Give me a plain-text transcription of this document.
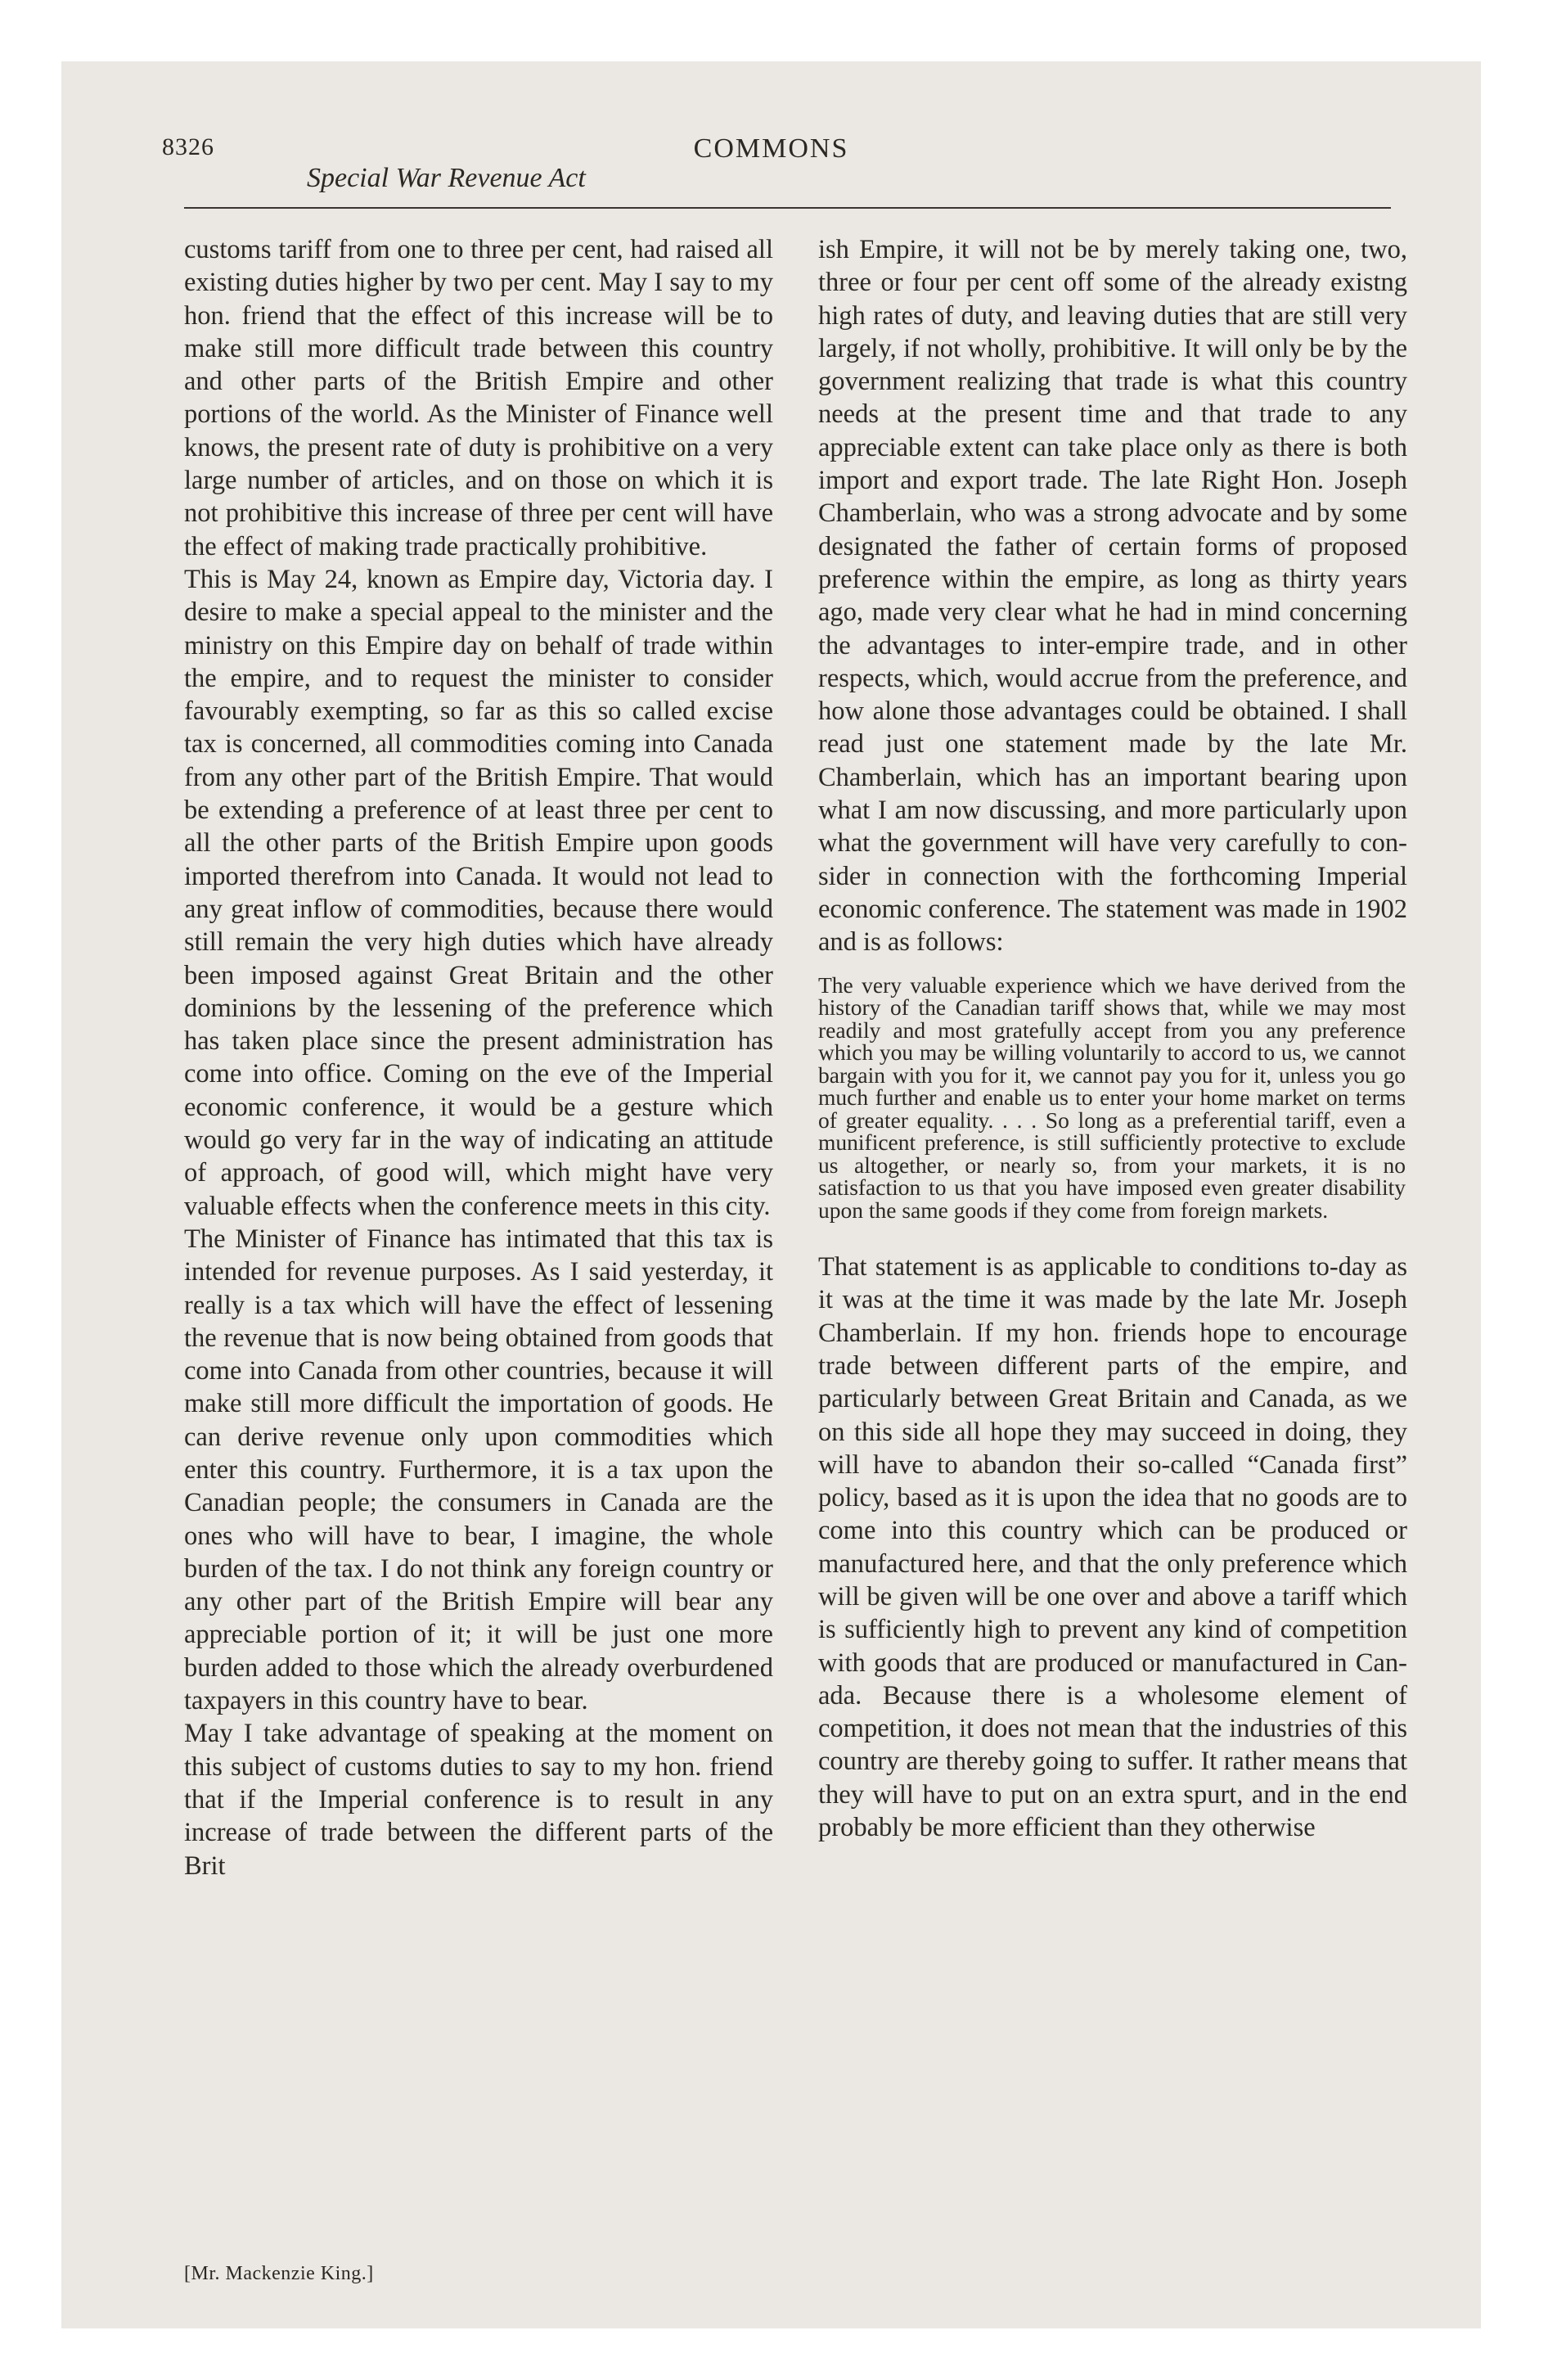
8326	COMMONS
Special War Revenue Act

customs tariff from one to three per cent, had raised all existing duties higher by two per cent. May I say to my hon. friend that the effect of this increase will be to make still more difficult trade between this country and other parts of the British Empire and other portions of the world. As the Minister of Finance well knows, the present rate of duty is prohibitive on a very large number of articles, and on those on which it is not prohibitive this increase of three per cent will have the effect of making trade practically prohibitive.

This is May 24, known as Empire day, Victoria day. I desire to make a special appeal to the minister and the ministry on this Empire day on behalf of trade within the empire, and to request the minister to consider favourably exempting, so far as this so called excise tax is concerned, all commodities coming into Canada from any other part of the British Empire. That would be extending a preference of at least three per cent to all the other parts of the British Empire upon goods imported therefrom into Canada. It would not lead to any great inflow of commodities, because there would still remain the very high duties which have already been imposed against Great Britain and the other dominions by the lessening of the preference which has taken place since the present administration has come into office. Coming on the eve of the Imperial economic conference, it would be a gesture which would go very far in the way of indicating an attitude of approach, of good will, which might have very valuable effects when the conference meets in this city.

The Minister of Finance has intimated that this tax is intended for revenue purposes. As I said yesterday, it really is a tax which will have the effect of lessening the revenue that is now being obtained from goods that come into Canada from other countries, because it will make still more difficult the importation of goods. He can derive revenue only upon commodities which enter this country. Furthermore, it is a tax upon the Canadian people; the consumers in Canada are the ones who will have to bear, I imagine, the whole burden of the tax. I do not think any foreign country or any other part of the British Empire will bear any appreciable portion of it; it will be just one more burden added to those which the already overburdened taxpayers in this country have to bear.

May I take advantage of speaking at the moment on this subject of customs duties to say to my hon. friend that if the Imperial conference is to result in any increase of trade between the different parts of the Brit

ish Empire, it will not be by merely taking one, two, three or four per cent off some of the already existng high rates of duty, and leaving duties that are still very largely, if not wholly, prohibitive. It will only be by the government realizing that trade is what this country needs at the present time and that trade to any appreciable extent can take place only as there is both import and export trade. The late Right Hon. Joseph Chamberlain, who was a strong advocate and by some designated the father of certain forms of proposed preference within the empire, as long as thirty years ago, made very clear what he had in mind concerning the advantages to inter-empire trade, and in other respects, which, would accrue from the preference, and how alone those advantages could be obtained. I shall read just one statement made by the late Mr. Chamberlain, which has an important bearing upon what I am now discussing, and more particularly upon what the government will have very carefully to consider in connection with the forthcoming Imperial economic conference. The statement was made in 1902 and is as follows:

The very valuable experience which we have derived from the history of the Canadian tariff shows that, while we may most readily and most gratefully accept from you any preference which you may be willing voluntarily to accord to us, we cannot bargain with you for it, we cannot pay you for it, unless you go much further and enable us to enter your home market on terms of greater equality. . . . So long as a preferential tariff, even a munificent preference, is still sufficiently protective to exclude us altogether, or nearly so, from your markets, it is no satisfaction to us that you have imposed even greater disability upon the same goods if they come from foreign markets.

That statement is as applicable to conditions to-day as it was at the time it was made by the late Mr. Joseph Chamberlain. If my hon. friends hope to encourage trade between different parts of the empire, and particularly between Great Britain and Canada, as we on this side all hope they may succeed in doing, they will have to abandon their so-called “Canada first” policy, based as it is upon the idea that no goods are to come into this country which can be produced or manufactured here, and that the only preference which will be given will be one over and above a tariff which is sufficiently high to prevent any kind of competition with goods that are produced or manufactured in Canada. Because there is a wholesome element of competition, it does not mean that the industries of this country are thereby going to suffer. It rather means that they will have to put on an extra spurt, and in the end probably be more efficient than they otherwise

[Mr. Mackenzie King.]
